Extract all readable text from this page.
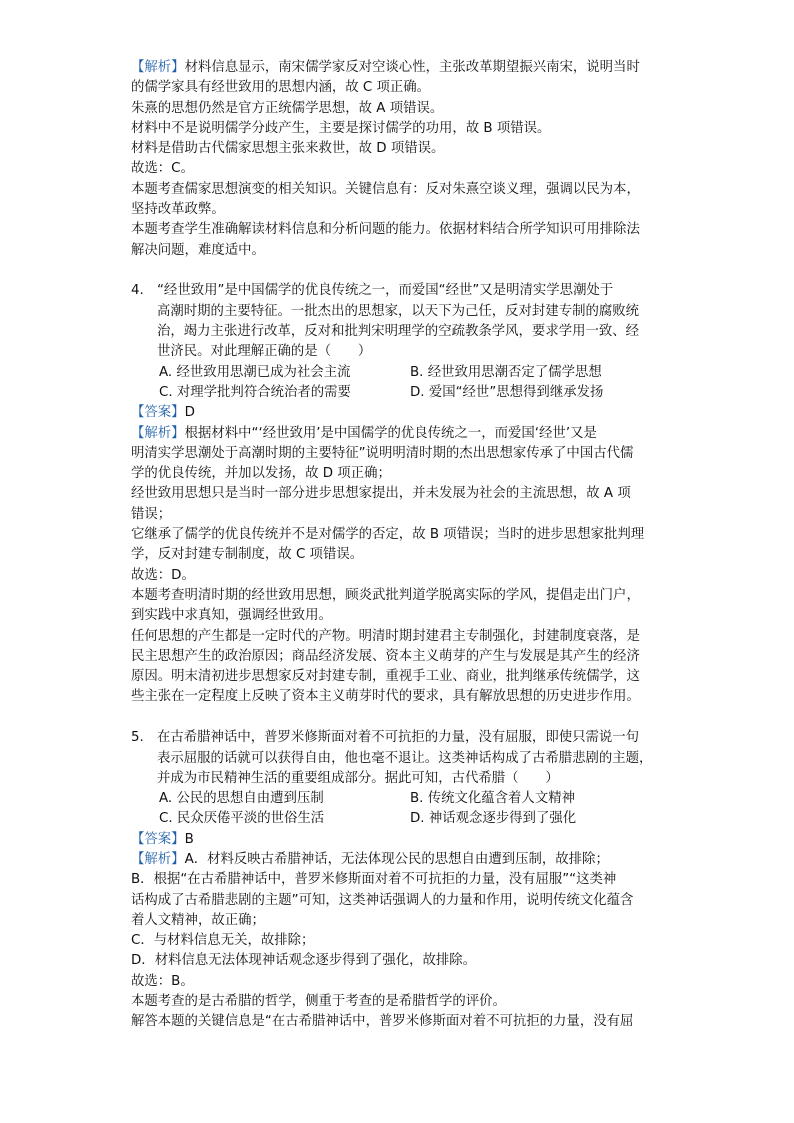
【解析】材料信息显示，南宋儒学家反对空谈心性，主张改革期望振兴南宋，说明当时
的儒学家具有经世致用的思想内涵，故 C 项正确。
朱熹的思想仍然是官方正统儒学思想，故 A 项错误。
材料中不是说明儒学分歧产生，主要是探讨儒学的功用，故 B 项错误。
材料是借助古代儒家思想主张来救世，故 D 项错误。
故选：C。
本题考查儒家思想演变的相关知识。关键信息有：反对朱熹空谈义理，强调以民为本，
坚持改革政弊。
本题考查学生准确解读材料信息和分析问题的能力。依据材料结合所学知识可用排除法
解决问题，难度适中。
4. “经世致用”是中国儒学的优良传统之一，而爱国“经世”又是明清实学思潮处于
高潮时期的主要特征。一批杰出的思想家，以天下为己任，反对封建专制的腐败统
治，竭力主张进行改革，反对和批判宋明理学的空疏教条学风，要求学用一致、经
世济民。对此理解正确的是（　　）
A. 经世致用思潮已成为社会主流	B. 经世致用思潮否定了儒学思想
C. 对理学批判符合统治者的需要	D. 爱国“经世”思想得到继承发扬
【答案】D
【解析】根据材料中“‘经世致用’是中国儒学的优良传统之一，而爱国‘经世’又是
明清实学思潮处于高潮时期的主要特征”说明明清时期的杰出思想家传承了中国古代儒
学的优良传统，并加以发扬，故 D 项正确；
经世致用思想只是当时一部分进步思想家提出，并未发展为社会的主流思想，故 A 项
错误；
它继承了儒学的优良传统并不是对儒学的否定，故 B 项错误；当时的进步思想家批判理
学，反对封建专制制度，故 C 项错误。
故选：D。
本题考查明清时期的经世致用思想，顾炎武批判道学脱离实际的学风，提倡走出门户，
到实践中求真知，强调经世致用。
任何思想的产生都是一定时代的产物。明清时期封建君主专制强化，封建制度衰落，是
民主思想产生的政治原因；商品经济发展、资本主义萌芽的产生与发展是其产生的经济
原因。明末清初进步思想家反对封建专制，重视手工业、商业，批判继承传统儒学，这
些主张在一定程度上反映了资本主义萌芽时代的要求，具有解放思想的历史进步作用。
5. 在古希腊神话中，普罗米修斯面对着不可抗拒的力量，没有屈服，即使只需说一句
表示屈服的话就可以获得自由，他也毫不退让。这类神话构成了古希腊悲剧的主题，
并成为市民精神生活的重要组成部分。据此可知，古代希腊（　　）
A. 公民的思想自由遭到压制	B. 传统文化蕴含着人文精神
C. 民众厌倦平淡的世俗生活	D. 神话观念逐步得到了强化
【答案】B
【解析】A．材料反映古希腊神话，无法体现公民的思想自由遭到压制，故排除；
B．根据“在古希腊神话中，普罗米修斯面对着不可抗拒的力量，没有屈服”“这类神
话构成了古希腊悲剧的主题”可知，这类神话强调人的力量和作用，说明传统文化蕴含
着人文精神，故正确；
C．与材料信息无关，故排除；
D．材料信息无法体现神话观念逐步得到了强化，故排除。
故选：B。
本题考查的是古希腊的哲学，侧重于考查的是希腊哲学的评价。
解答本题的关键信息是“在古希腊神话中，普罗米修斯面对着不可抗拒的力量，没有屈
